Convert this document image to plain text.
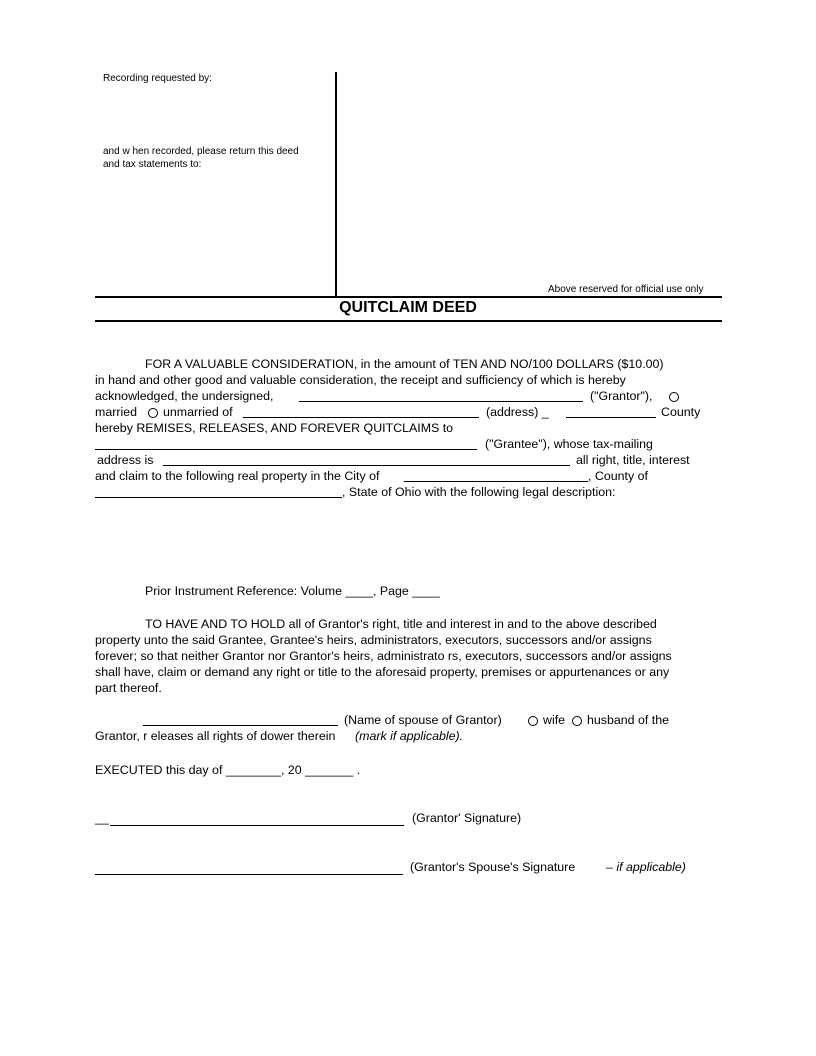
Recording requested by:
and w hen recorded, please return this deed
and tax statements to:
Above reserved for official use only
QUITCLAIM DEED
FOR A VALUABLE CONSIDERATION, in the amount of TEN AND NO/100 DOLLARS ($10.00)
in hand and other good and valuable consideration, the receipt and sufficiency of which is hereby
acknowledged, the undersigned,	("Grantor"),
married unmarried of	(address) _	County
hereby REMISES, RELEASES, AND FOREVER QUITCLAIMS to
("Grantee"), whose tax-mailing
address is	all right, title, interest
and claim to the following real property in the City of	, County of
, State of Ohio with the following legal description:
Prior Instrument Reference: Volume ____, Page ____
TO HAVE AND TO HOLD all of Grantor's right, title and interest in and to the above described
property unto the said Grantee, Grantee's heirs, administrators, executors, successors and/or assigns
forever; so that neither Grantor nor Grantor's heirs, administrato rs, executors, successors and/or assigns
shall have, claim or demand any right or title to the aforesaid property, premises or appurtenances or any
part thereof.
(Name of spouse of Grantor)	wife husband of the
Grantor, r eleases all rights of dower therein (mark if applicable).
EXECUTED this day of ________, 20 _______ .
__	(Grantor' Signature)
(Grantor's Spouse's Signature – if applicable)
